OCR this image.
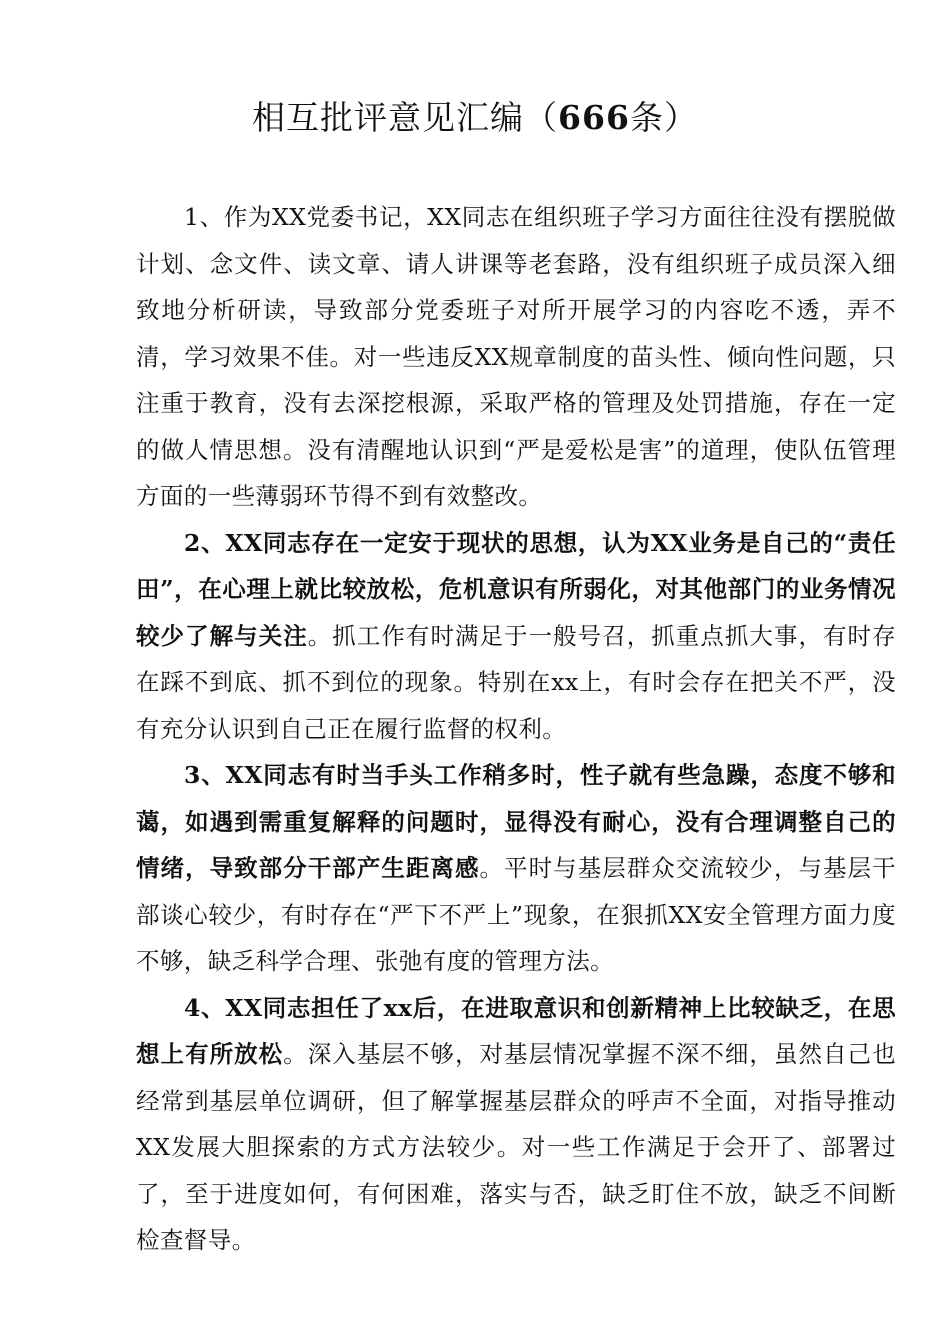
相互批评意见汇编（666条）

1、作为XX党委书记，XX同志在组织班子学习方面往往没有摆脱做计划、念文件、读文章、请人讲课等老套路，没有组织班子成员深入细致地分析研读，导致部分党委班子对所开展学习的内容吃不透，弄不清，学习效果不佳。对一些违反XX规章制度的苗头性、倾向性问题，只注重于教育，没有去深挖根源，采取严格的管理及处罚措施，存在一定的做人情思想。没有清醒地认识到“严是爱松是害”的道理，使队伍管理方面的一些薄弱环节得不到有效整改。

2、XX同志存在一定安于现状的思想，认为XX业务是自己的“责任田”，在心理上就比较放松，危机意识有所弱化，对其他部门的业务情况较少了解与关注。抓工作有时满足于一般号召，抓重点抓大事，有时存在踩不到底、抓不到位的现象。特别在xx上，有时会存在把关不严，没有充分认识到自己正在履行监督的权利。

3、XX同志有时当手头工作稍多时，性子就有些急躁，态度不够和蔼，如遇到需重复解释的问题时，显得没有耐心，没有合理调整自己的情绪，导致部分干部产生距离感。平时与基层群众交流较少，与基层干部谈心较少，有时存在“严下不严上”现象，在狠抓XX安全管理方面力度不够，缺乏科学合理、张弛有度的管理方法。

4、XX同志担任了xx后，在进取意识和创新精神上比较缺乏，在思想上有所放松。深入基层不够，对基层情况掌握不深不细，虽然自己也经常到基层单位调研，但了解掌握基层群众的呼声不全面，对指导推动XX发展大胆探索的方式方法较少。对一些工作满足于会开了、部署过了，至于进度如何，有何困难，落实与否，缺乏盯住不放，缺乏不间断检查督导。
